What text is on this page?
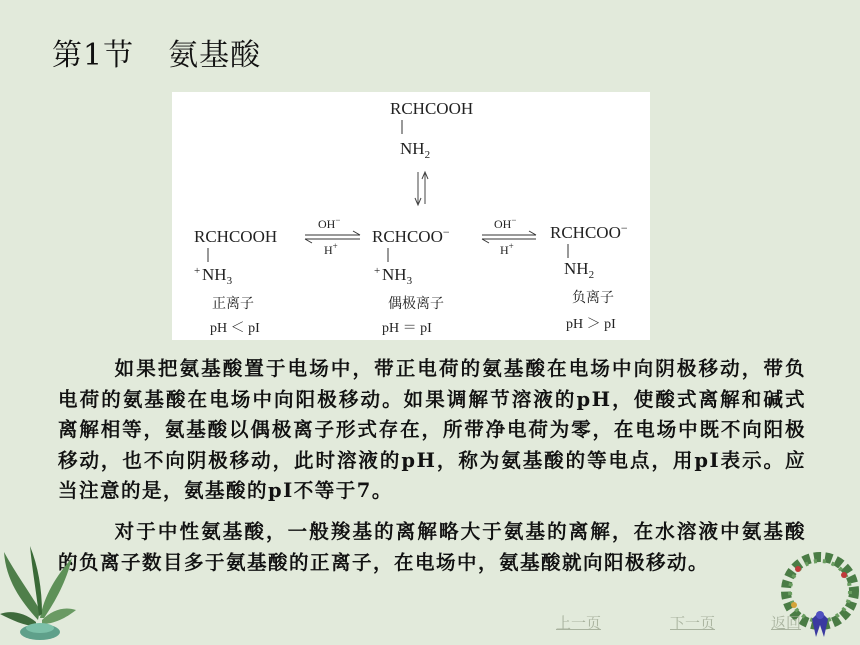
第1节 氨基酸
RCHCOOH
$NH_2$
RCHCOOH
+ $NH_3$
OH−
H+ RCHCOO−
+ $NH_3$
OH−
H+
RCHCOO−
$NH_2$
正离子	偶极离子	负离子
pH ＜ pI	pH ＝ pI	pH ＞ pI
如果把氨基酸置于电场中，带正电荷的氨基酸在电场中向阴极移动，带负电荷的氨基酸在电场中向阳极移动。如果调解节溶液的pH，使酸式离解和碱式离解相等，氨基酸以偶极离子形式存在，所带净电荷为零，在电场中既不向阳极移动，也不向阴极移动，此时溶液的pH，称为氨基酸的等电点，用pI表示。应当注意的是，氨基酸的pI不等于7。
对于中性氨基酸，一般羧基的离解略大于氨基的离解，在水溶液中氨基酸的负离子数目多于氨基酸的正离子，在电场中，氨基酸就向阳极移动。
上一页	下一页	返回
